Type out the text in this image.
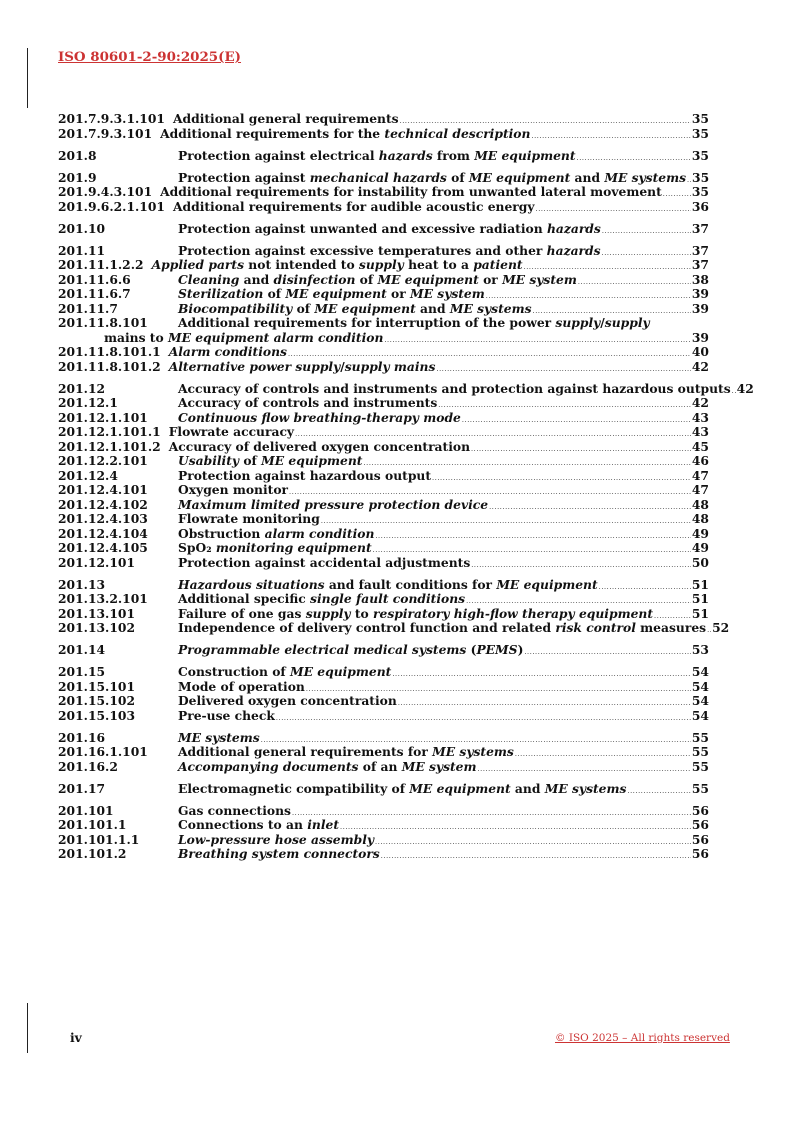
ISO 80601-2-90:2025(E)
201.7.9.3.1.101 Additional general requirements .....	35
201.7.9.3.101 Additional requirements for the technical description .....	35
201.8	Protection against electrical hazards from ME equipment .....	35
201.9	Protection against mechanical hazards of ME equipment and ME systems ..... 35
201.9.4.3.101 Additional requirements for instability from unwanted lateral movement ..... 35
201.9.6.2.1.101 Additional requirements for audible acoustic energy .....	36
201.10	Protection against unwanted and excessive radiation hazards .....	37
201.11	Protection against excessive temperatures and other hazards .....	37
201.11.1.2.2 Applied parts not intended to supply heat to a patient .....	37
201.11.6.6	Cleaning and disinfection of ME equipment or ME system .....	38
201.11.6.7	Sterilization of ME equipment or ME system .....	39
201.11.7	Biocompatibility of ME equipment and ME systems .....	39
201.11.8.101	Additional requirements for interruption of the power supply/supply
mains to ME equipment alarm condition .....	39
201.11.8.101.1 Alarm conditions .....	40
201.11.8.101.2 Alternative power supply/supply mains .....	42
201.12	Accuracy of controls and instruments and protection against hazardous outputs ..... 42
201.12.1	Accuracy of controls and instruments .....	42
201.12.1.101	Continuous flow breathing-therapy mode .....	43
201.12.1.101.1 Flowrate accuracy .....	43
201.12.1.101.2 Accuracy of delivered oxygen concentration .....	45
201.12.2.101	Usability of ME equipment .....	46
201.12.4	Protection against hazardous output .....	47
201.12.4.101	Oxygen monitor .....	47
201.12.4.102	Maximum limited pressure protection device .....	48
201.12.4.103	Flowrate monitoring .....	48
201.12.4.104	Obstruction alarm condition .....	49
201.12.4.105	SpO₂ monitoring equipment .....	49
201.12.101	Protection against accidental adjustments .....	50
201.13	Hazardous situations and fault conditions for ME equipment .....	51
201.13.2.101	Additional specific single fault conditions .....	51
201.13.101	Failure of one gas supply to respiratory high-flow therapy equipment .....	51
201.13.102	Independence of delivery control function and related risk control measures ..... 52
201.14	Programmable electrical medical systems (PEMS) .....	53
201.15	Construction of ME equipment .....	54
201.15.101	Mode of operation .....	54
201.15.102	Delivered oxygen concentration .....	54
201.15.103	Pre-use check .....	54
201.16	ME systems .....	55
201.16.1.101	Additional general requirements for ME systems .....	55
201.16.2	Accompanying documents of an ME system .....	55
201.17	Electromagnetic compatibility of ME equipment and ME systems .....	55
201.101	Gas connections .....	56
201.101.1	Connections to an inlet .....	56
201.101.1.1	Low-pressure hose assembly .....	56
201.101.2	Breathing system connectors .....	56
iv	© ISO 2025 – All rights reserved
